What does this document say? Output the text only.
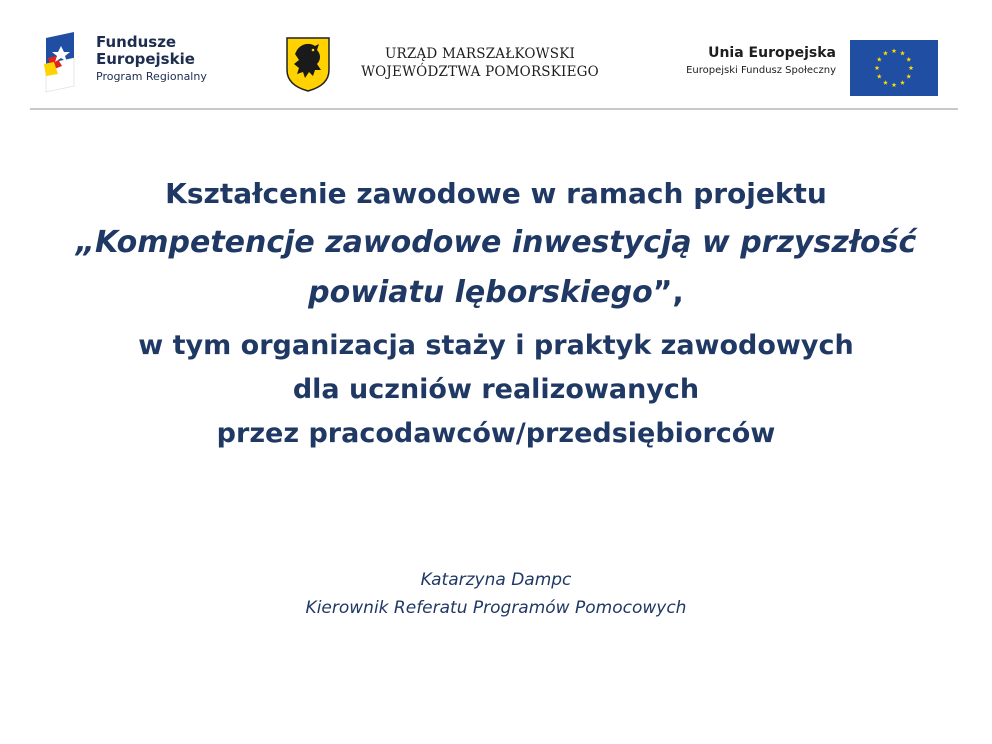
Fundusze
Europejskie
Program Regionalny
URZĄD MARSZAŁKOWSKI
WOJEWÓDZTWA POMORSKIEGO
Unia Europejska
Europejski Fundusz Społeczny
Kształcenie zawodowe w ramach projektu
„Kompetencje zawodowe inwestycją w przyszłość
powiatu lęborskiego”,
w tym organizacja staży i praktyk zawodowych
dla uczniów realizowanych
przez pracodawców/przedsiębiorców
Katarzyna Dampc
Kierownik Referatu Programów Pomocowych
